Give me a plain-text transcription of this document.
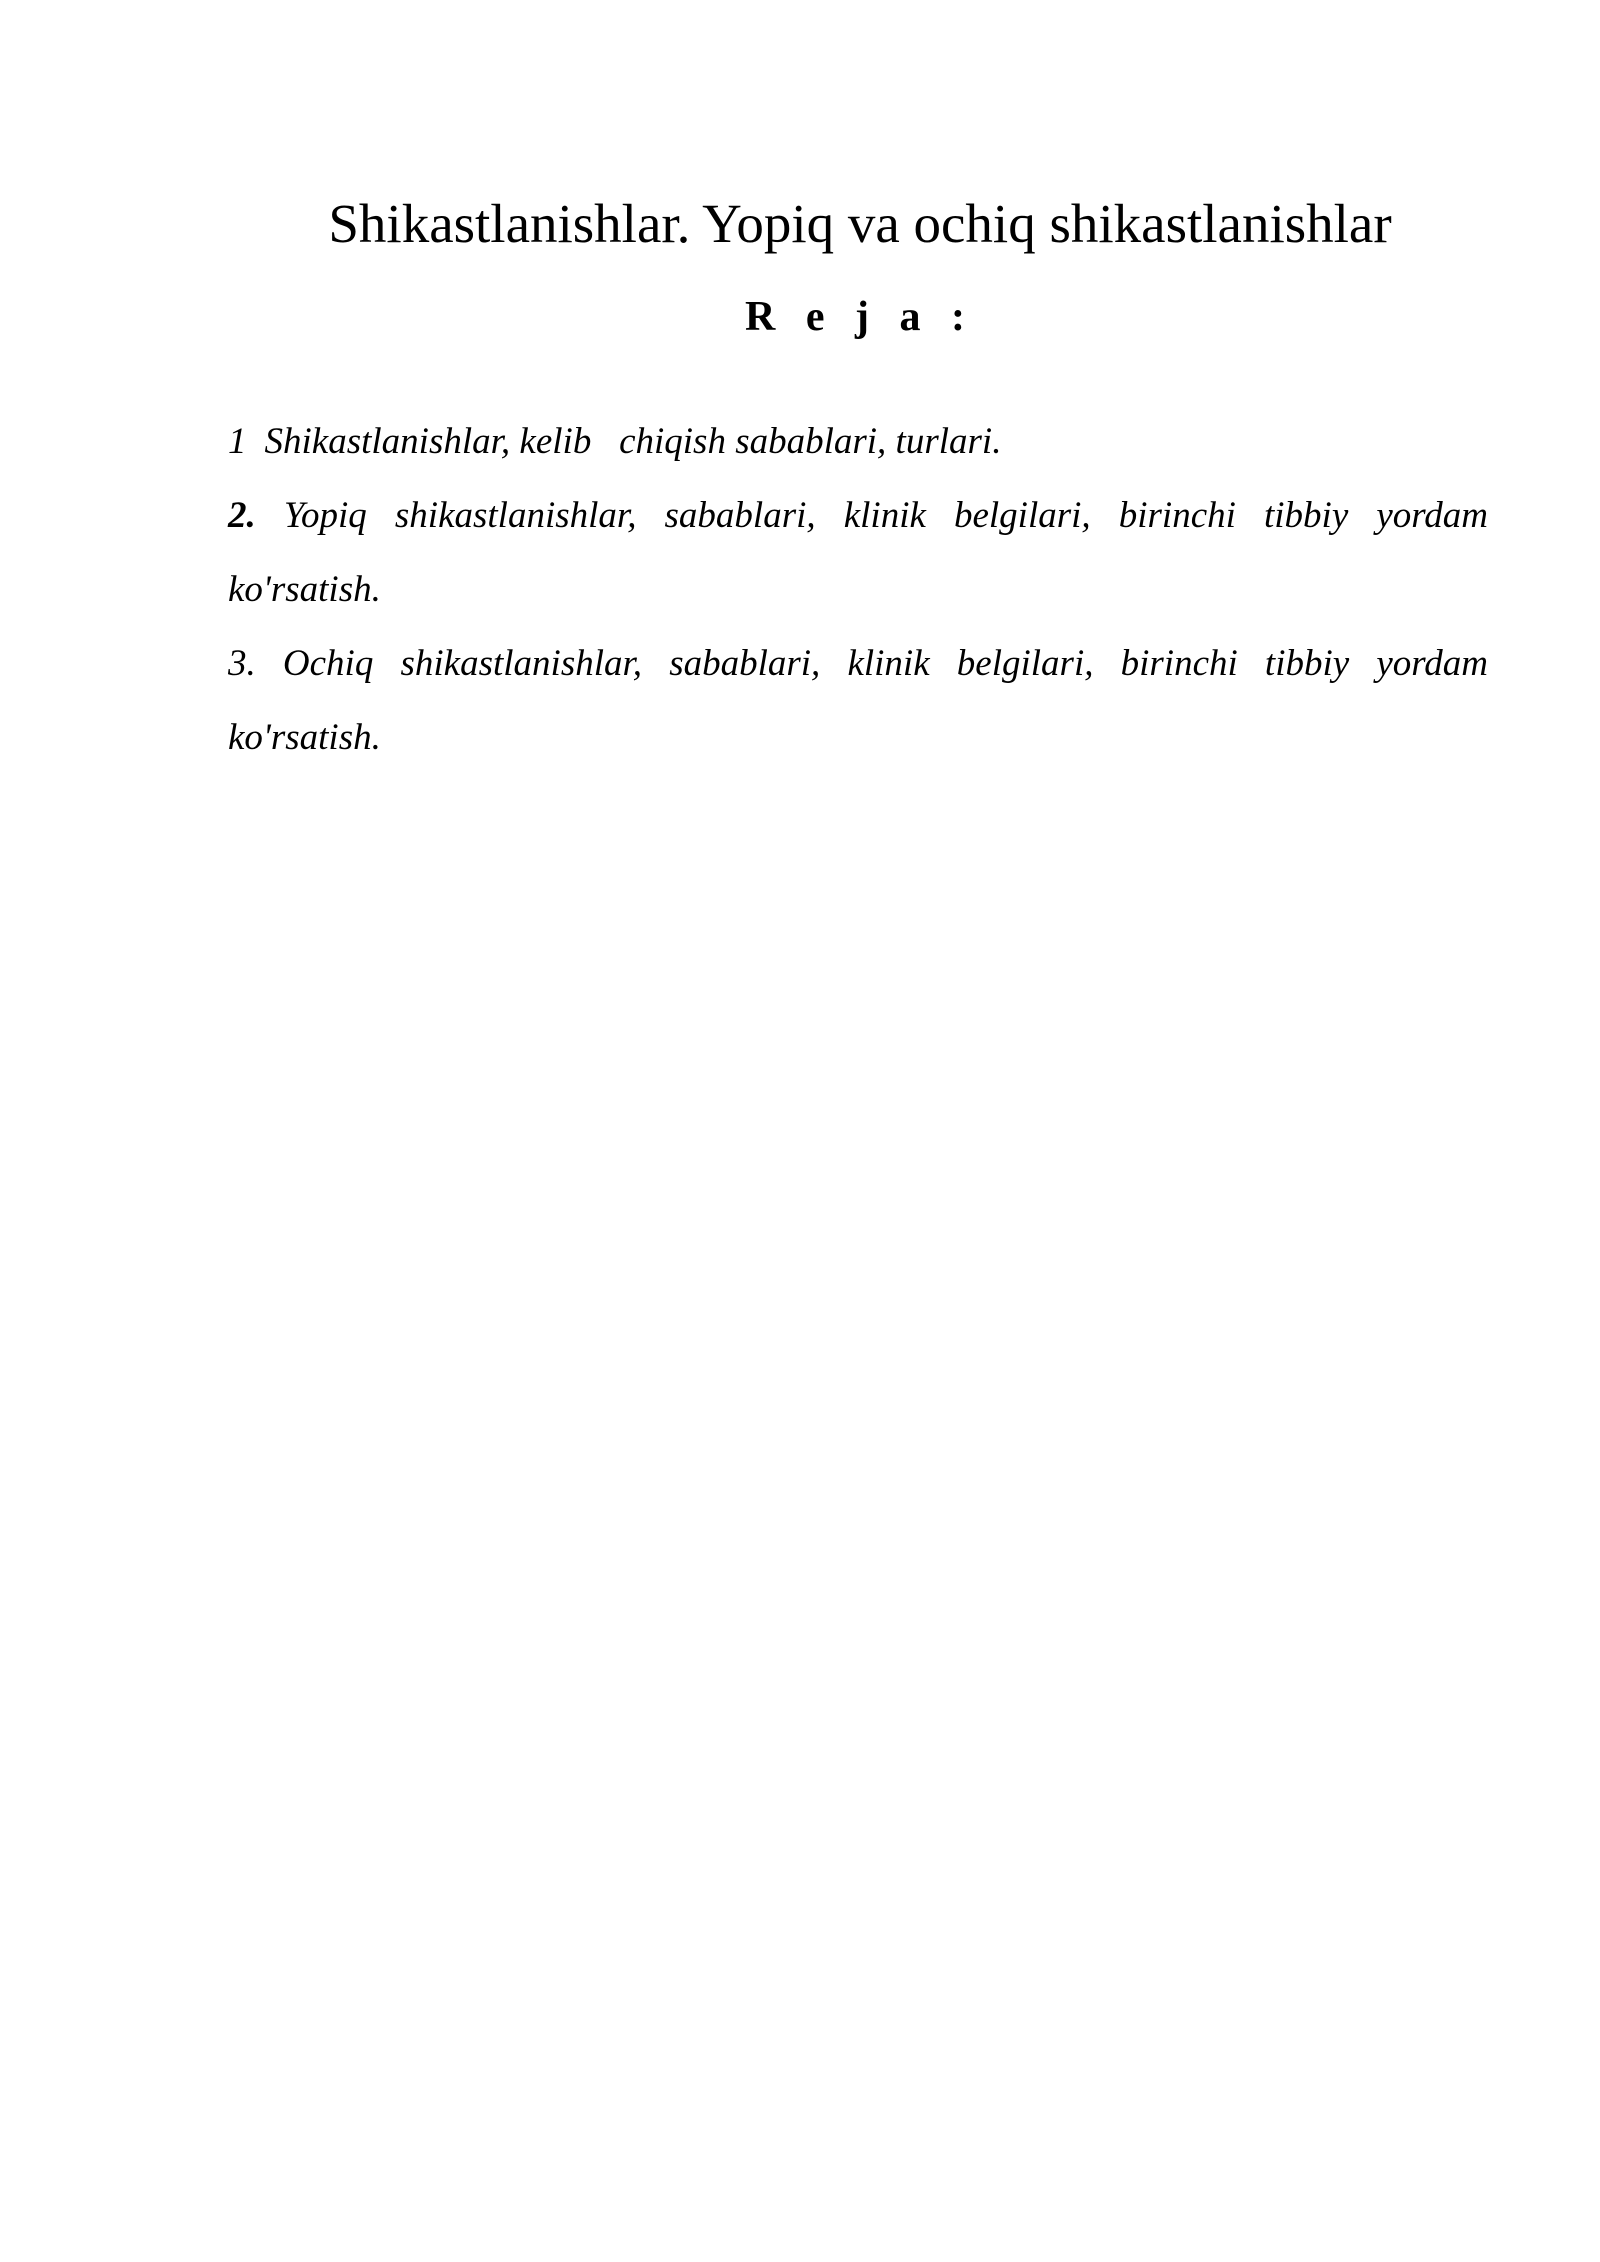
Shikastlanishlar. Yopiq va ochiq shikastlanishlar
R e j a :
1 Shikastlanishlar, kelib   chiqish sabablari, turlari.
2. Yopiq shikastlanishlar, sabablari, klinik belgilari, birinchi tibbiy yordam ko'rsatish.
3. Ochiq shikastlanishlar, sabablari, klinik belgilari, birinchi tibbiy yordam ko'rsatish.
